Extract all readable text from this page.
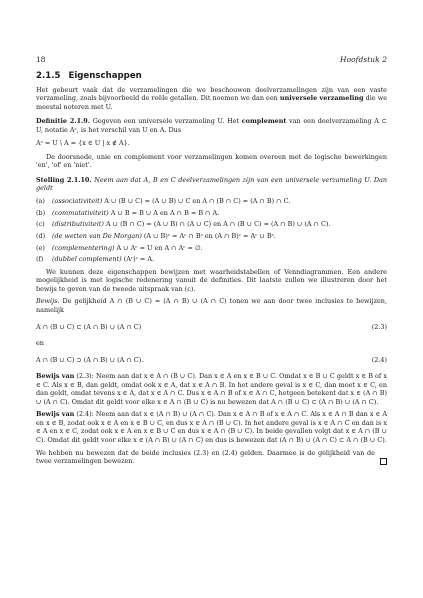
18	Hoofdstuk 2
2.1.5 Eigenschappen

Het gebeurt vaak dat de verzamelingen die we beschouwen deelverzamelingen zijn van een vaste verzameling, zoals bijvoorbeeld de reële getallen. Dit noemen we dan een universele verzameling die we meestal noteren met U.

Definitie 2.1.9. Gegeven een universele verzameling U. Het complement van een deelverzameling A ⊂ U, notatie Aᶜ, is het verschil van U en A. Dus

Aᶜ = U \ A = {x ∈ U | x ∉ A}.

De doorsnede, unie en complement voor verzamelingen komen overeen met de logische bewerkingen 'en', 'of' en 'niet'.

Stelling 2.1.10. Neem aan dat A, B en C deelverzamelingen zijn van een universele verzameling U. Dan geldt

(a) (associativiteit) A ∪ (B ∪ C) = (A ∪ B) ∪ C en A ∩ (B ∩ C) = (A ∩ B) ∩ C.
(b) (commutativiteit) A ∪ B = B ∪ A en A ∩ B = B ∩ A.
(c) (distributiviteit) A ∪ (B ∩ C) = (A ∪ B) ∩ (A ∪ C) en A ∩ (B ∪ C) = (A ∩ B) ∪ (A ∩ C).
(d) (de wetten van De Morgan) (A ∪ B)ᶜ = Aᶜ ∩ Bᶜ en (A ∩ B)ᶜ = Aᶜ ∪ Bᶜ.
(e) (complementering) A ∪ Aᶜ = U en A ∩ Aᶜ = ∅.
(f) (dubbel complement) (Aᶜ)ᶜ = A.

We kunnen deze eigenschappen bewijzen met waarheidstabellen of Venndiagrammen. Een andere mogelijkheid is met logische redenering vanuit de definities. Dit laatste zullen we illustreren door het bewijs te geven van de tweede uitspraak van (c).

Bewijs. De gelijkheid A ∩ (B ∪ C) = (A ∩ B) ∪ (A ∩ C) tonen we aan door twee inclusies te bewijzen, namelijk

A ∩ (B ∪ C) ⊂ (A ∩ B) ∪ (A ∩ C)	(2.3)

en

A ∩ (B ∪ C) ⊃ (A ∩ B) ∪ (A ∩ C).	(2.4)

Bewijs van (2.3): Neem aan dat x ∈ A ∩ (B ∪ C). Dan x ∈ A en x ∈ B ∪ C. Omdat x ∈ B ∪ C geldt x ∈ B of x ∈ C. Als x ∈ B, dan geldt, omdat ook x ∈ A, dat x ∈ A ∩ B. In het andere geval is x ∈ C, dan moet x ∈ C, en dan geldt, omdat tevens x ∈ A, dat x ∈ A ∩ C. Dus x ∈ A ∩ B of x ∈ A ∩ C, hetgeen betekent dat x ∈ (A ∩ B) ∪ (A ∩ C). Omdat dit geldt voor elke x ∈ A ∩ (B ∪ C) is nu bewezen dat A ∩ (B ∪ C) ⊂ (A ∩ B) ∪ (A ∩ C).

Bewijs van (2.4): Neem aan dat x ∈ (A ∩ B) ∪ (A ∩ C). Dan x ∈ A ∩ B of x ∈ A ∩ C. Als x ∈ A ∩ B dan x ∈ A en x ∈ B, zodat ook x ∈ A en x ∈ B ∪ C, en dus x ∈ A ∩ (B ∪ C). In het andere geval is x ∈ A ∩ C en dan is x ∈ A en x ∈ C, zodat ook x ∈ A en x ∈ B ∪ C en dus x ∈ A ∩ (B ∪ C). In beide gevallen volgt dat x ∈ A ∩ (B ∪ C). Omdat dit geldt voor elke x ∈ (A ∩ B) ∪ (A ∩ C) en dus is bewezen dat (A ∩ B) ∪ (A ∩ C) ⊂ A ∩ (B ∪ C).

We hebben nu bewezen dat de beide inclusies (2.3) en (2.4) gelden. Daarmee is de gelijkheid van de twee verzamelingen bewezen.
